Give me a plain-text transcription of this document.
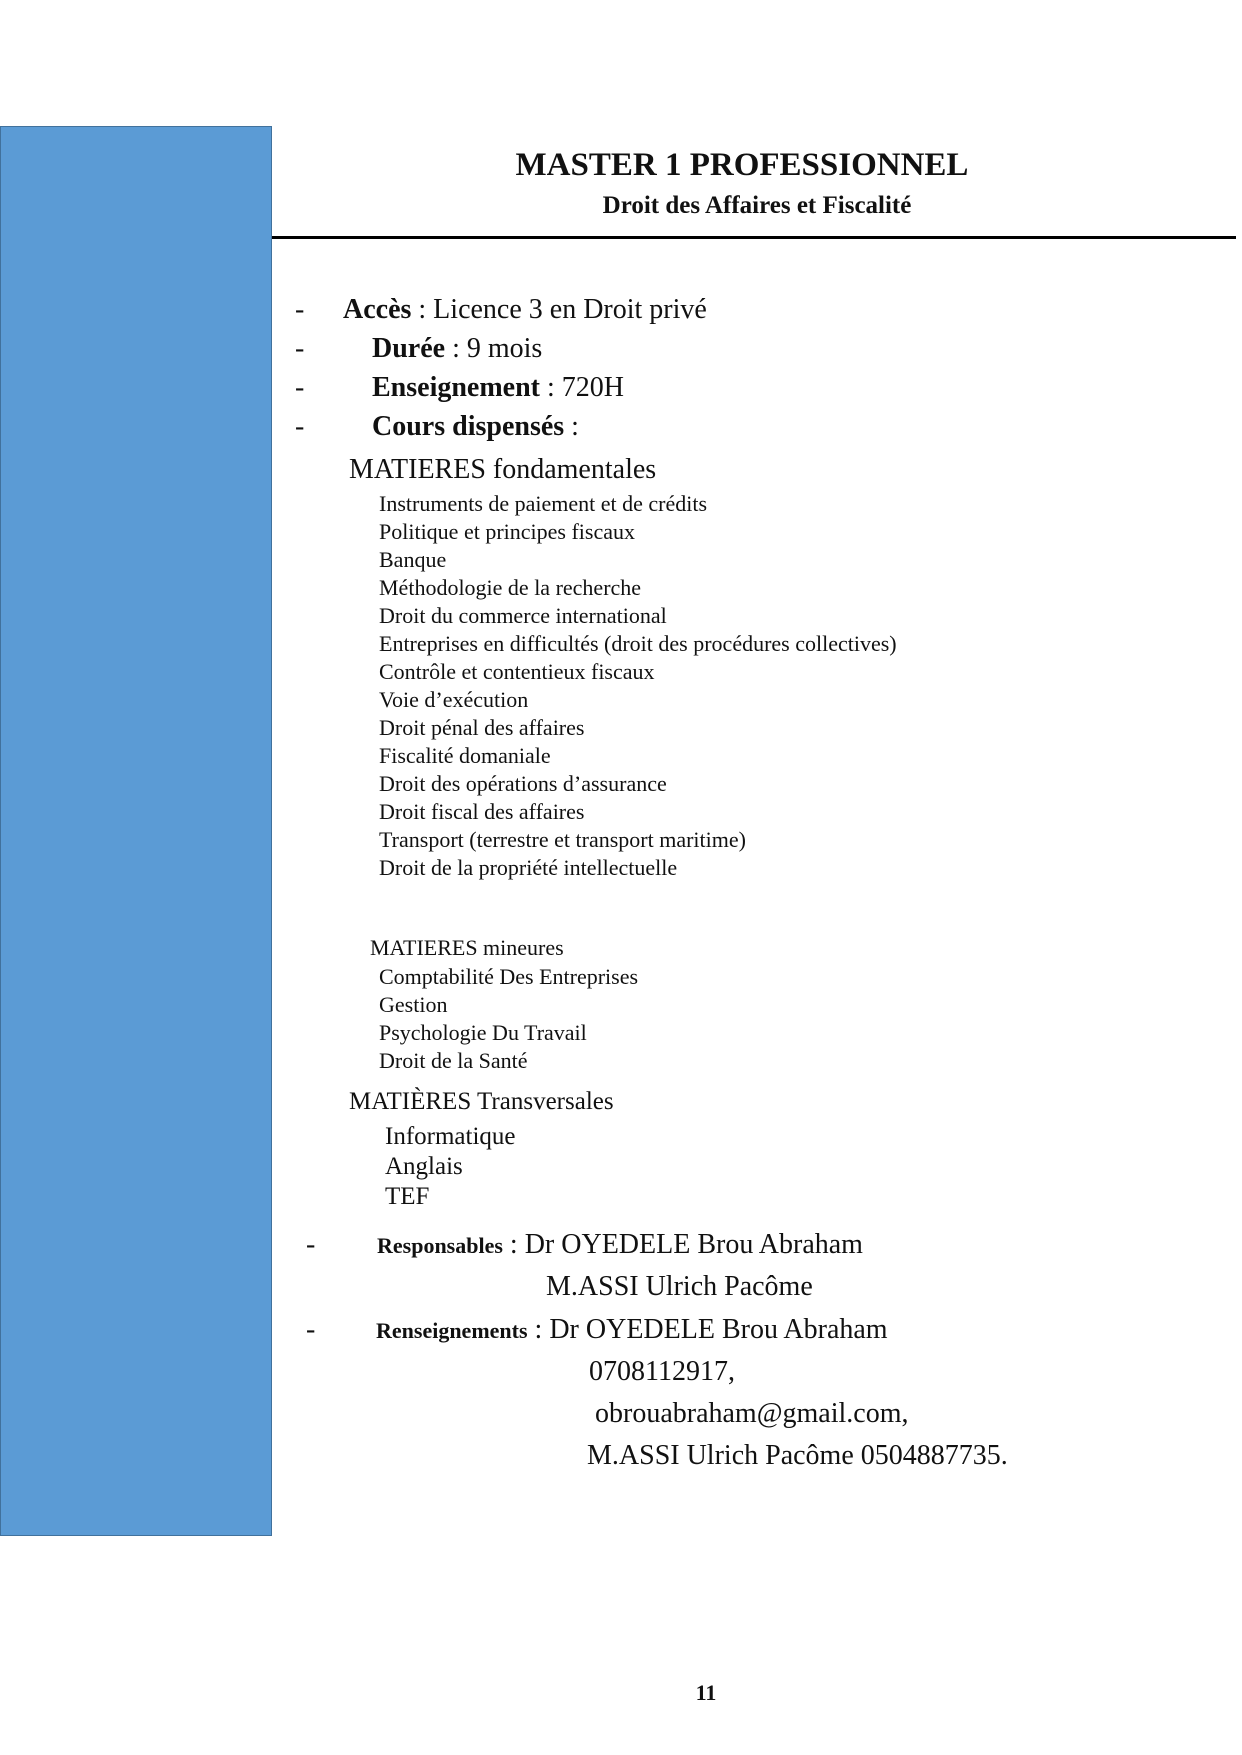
MASTER 1 PROFESSIONNEL
Droit des Affaires et Fiscalité
- Accès : Licence 3 en Droit privé
- Durée : 9 mois
- Enseignement : 720H
- Cours dispensés :
MATIERES fondamentales
Instruments de paiement et de crédits
Politique et principes fiscaux
Banque
Méthodologie de la recherche
Droit du commerce international
Entreprises en difficultés (droit des procédures collectives)
Contrôle et contentieux fiscaux
Voie d’exécution
Droit pénal des affaires
Fiscalité domaniale
Droit des opérations d’assurance
Droit fiscal des affaires
Transport (terrestre et transport maritime)
Droit de la propriété intellectuelle
MATIERES mineures
Comptabilité Des Entreprises
Gestion
Psychologie Du Travail
Droit de la Santé
MATIÈRES Transversales
Informatique
Anglais
TEF
-	Responsables : Dr OYEDELE Brou Abraham
M.ASSI Ulrich Pacôme
-	Renseignements : Dr OYEDELE Brou Abraham
0708112917,
obrouabraham@gmail.com,
M.ASSI Ulrich Pacôme 0504887735.
11
